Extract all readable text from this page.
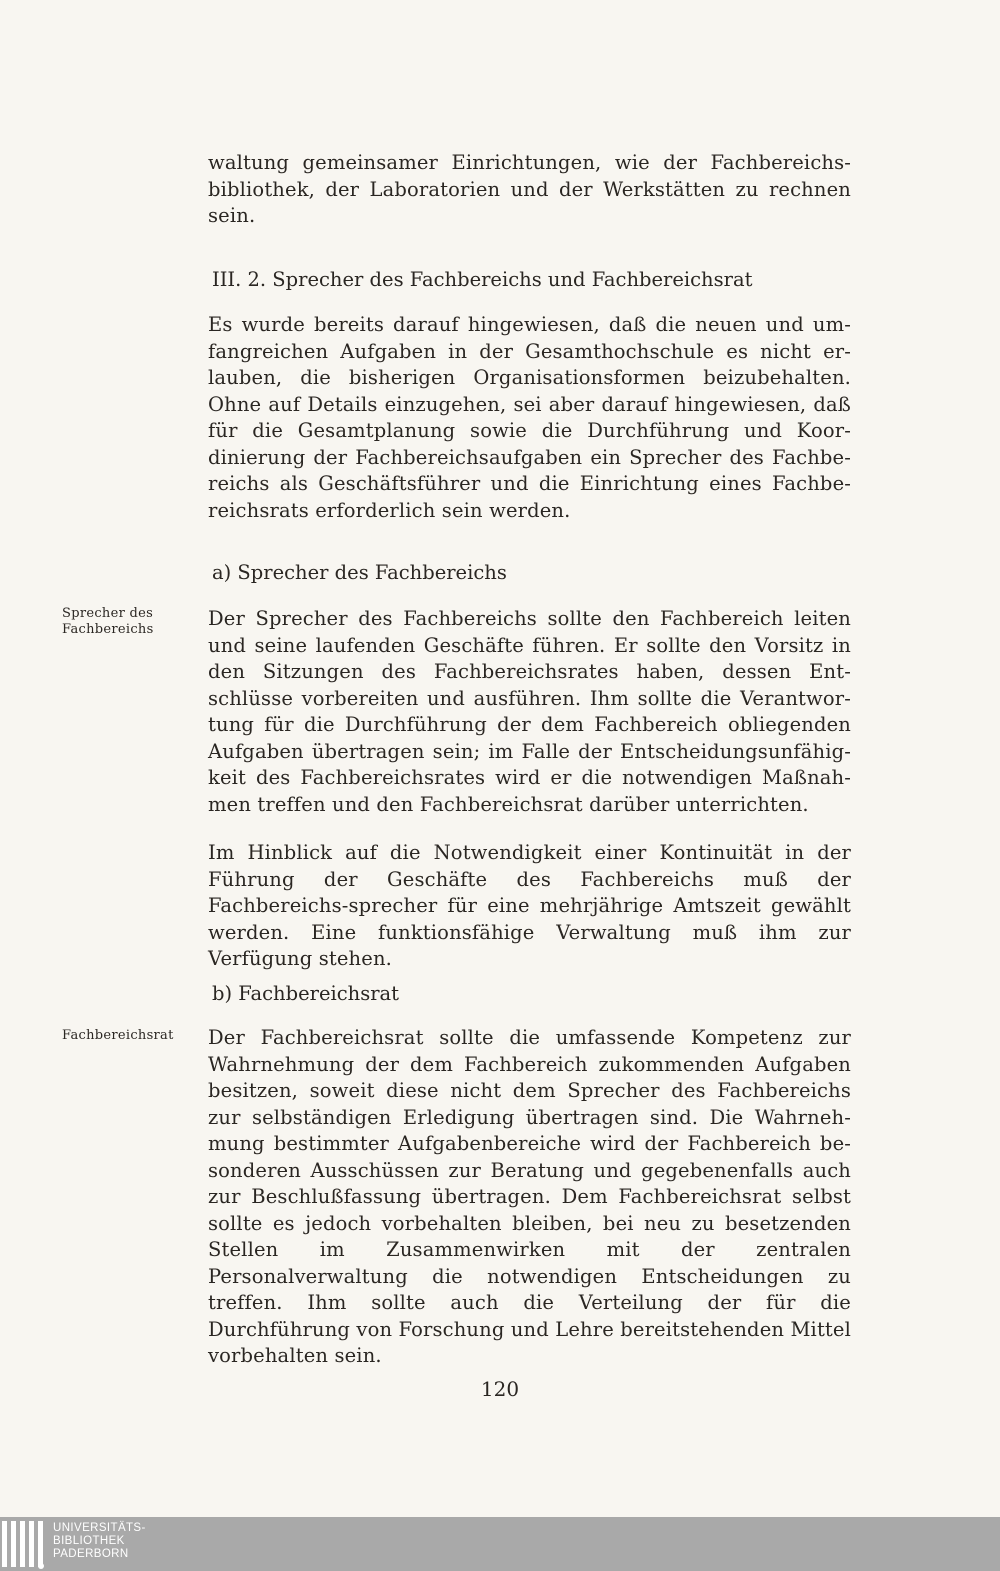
waltung gemeinsamer Einrichtungen, wie der Fachbereichs-bibliothek, der Laboratorien und der Werkstätten zu rechnen sein.
III. 2. Sprecher des Fachbereichs und Fachbereichsrat
Es wurde bereits darauf hingewiesen, daß die neuen und um-fangreichen Aufgaben in der Gesamthochschule es nicht er-lauben, die bisherigen Organisationsformen beizubehalten. Ohne auf Details einzugehen, sei aber darauf hingewiesen, daß für die Gesamtplanung sowie die Durchführung und Koor-dinierung der Fachbereichsaufgaben ein Sprecher des Fachbe-reichs als Geschäftsführer und die Einrichtung eines Fachbe-reichsrats erforderlich sein werden.
a) Sprecher des Fachbereichs
Sprecher des Fachbereichs	Der Sprecher des Fachbereichs sollte den Fachbereich leiten und seine laufenden Geschäfte führen. Er sollte den Vorsitz in den Sitzungen des Fachbereichsrates haben, dessen Ent-schlüsse vorbereiten und ausführen. Ihm sollte die Verantwor-tung für die Durchführung der dem Fachbereich obliegenden Aufgaben übertragen sein; im Falle der Entscheidungsunfähig-keit des Fachbereichsrates wird er die notwendigen Maßnah-men treffen und den Fachbereichsrat darüber unterrichten.
Im Hinblick auf die Notwendigkeit einer Kontinuität in der Führung der Geschäfte des Fachbereichs muß der Fachbereichs-sprecher für eine mehrjährige Amtszeit gewählt werden. Eine funktionsfähige Verwaltung muß ihm zur Verfügung stehen.
b) Fachbereichsrat
Fachbereichsrat	Der Fachbereichsrat sollte die umfassende Kompetenz zur Wahrnehmung der dem Fachbereich zukommenden Aufgaben besitzen, soweit diese nicht dem Sprecher des Fachbereichs zur selbständigen Erledigung übertragen sind. Die Wahrneh-mung bestimmter Aufgabenbereiche wird der Fachbereich be-sonderen Ausschüssen zur Beratung und gegebenenfalls auch zur Beschlußfassung übertragen. Dem Fachbereichsrat selbst sollte es jedoch vorbehalten bleiben, bei neu zu besetzenden Stellen im Zusammenwirken mit der zentralen Personalverwaltung die notwendigen Entscheidungen zu treffen. Ihm sollte auch die Verteilung der für die Durchführung von Forschung und Lehre bereitstehenden Mittel vorbehalten sein.
120
UNIVERSITÄTS-
BIBLIOTHEK
PADERBORN
